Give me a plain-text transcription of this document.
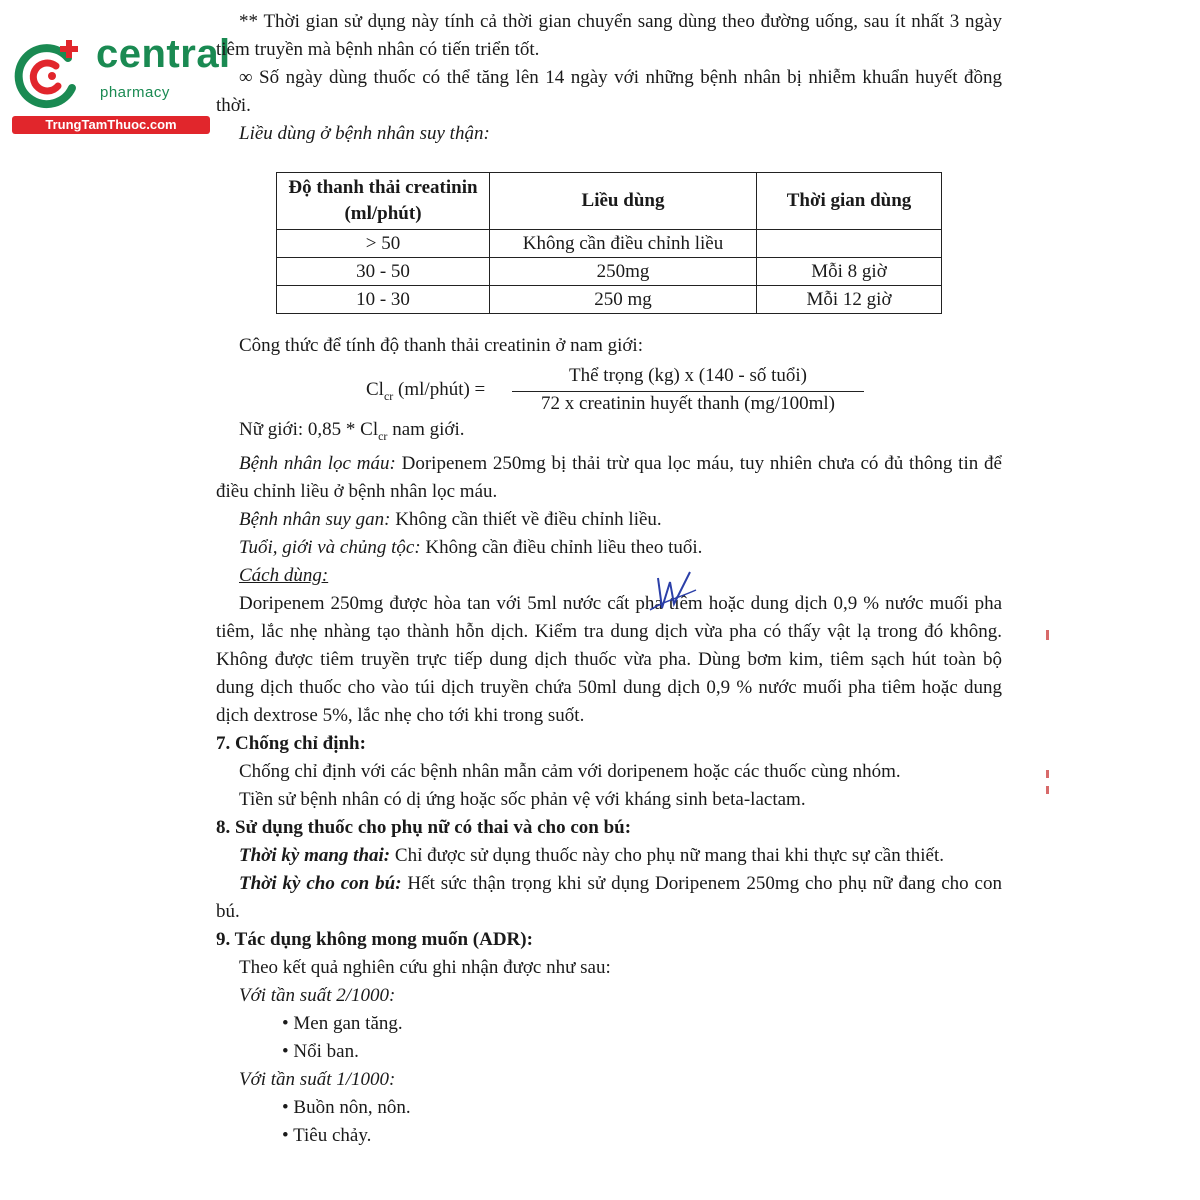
central
pharmacy
TrungTamThuoc.com

** Thời gian sử dụng này tính cả thời gian chuyển sang dùng theo đường uống, sau ít nhất 3 ngày tiêm truyền mà bệnh nhân có tiến triển tốt.

∞ Số ngày dùng thuốc có thể tăng lên 14 ngày với những bệnh nhân bị nhiễm khuẩn huyết đồng thời.

Liều dùng ở bệnh nhân suy thận:

Độ thanh thải creatinin (ml/phút)	Liều dùng	Thời gian dùng
> 50	Không cần điều chỉnh liều	
30 - 50	250mg	Mỗi 8 giờ
10 - 30	250 mg	Mỗi 12 giờ

Công thức để tính độ thanh thải creatinin ở nam giới:

$Cl_{cr}$ (ml/phút) =
Thể trọng (kg) x (140 - số tuổi)
72 x creatinin huyết thanh (mg/100ml)

Nữ giới: $0,85 * Cl_{cr}$ nam giới.

Bệnh nhân lọc máu: Doripenem 250mg bị thải trừ qua lọc máu, tuy nhiên chưa có đủ thông tin để điều chỉnh liều ở bệnh nhân lọc máu.

Bệnh nhân suy gan: Không cần thiết về điều chỉnh liều.

Tuổi, giới và chủng tộc: Không cần điều chỉnh liều theo tuổi.

Cách dùng:

Doripenem 250mg được hòa tan với 5ml nước cất pha tiêm hoặc dung dịch 0,9 % nước muối pha tiêm, lắc nhẹ nhàng tạo thành hỗn dịch. Kiểm tra dung dịch vừa pha có thấy vật lạ trong đó không. Không được tiêm truyền trực tiếp dung dịch thuốc vừa pha. Dùng bơm kim, tiêm sạch hút toàn bộ dung dịch thuốc cho vào túi dịch truyền chứa 50ml dung dịch 0,9 % nước muối pha tiêm hoặc dung dịch dextrose 5%, lắc nhẹ cho tới khi trong suốt.

7. Chống chỉ định:

Chống chỉ định với các bệnh nhân mẫn cảm với doripenem hoặc các thuốc cùng nhóm.

Tiền sử bệnh nhân có dị ứng hoặc sốc phản vệ với kháng sinh beta-lactam.

8. Sử dụng thuốc cho phụ nữ có thai và cho con bú:

Thời kỳ mang thai: Chỉ được sử dụng thuốc này cho phụ nữ mang thai khi thực sự cần thiết.

Thời kỳ cho con bú: Hết sức thận trọng khi sử dụng Doripenem 250mg cho phụ nữ đang cho con bú.

9. Tác dụng không mong muốn (ADR):

Theo kết quả nghiên cứu ghi nhận được như sau:

Với tần suất 2/1000:

• Men gan tăng.

• Nổi ban.

Với tần suất 1/1000:

• Buồn nôn, nôn.

• Tiêu chảy.
